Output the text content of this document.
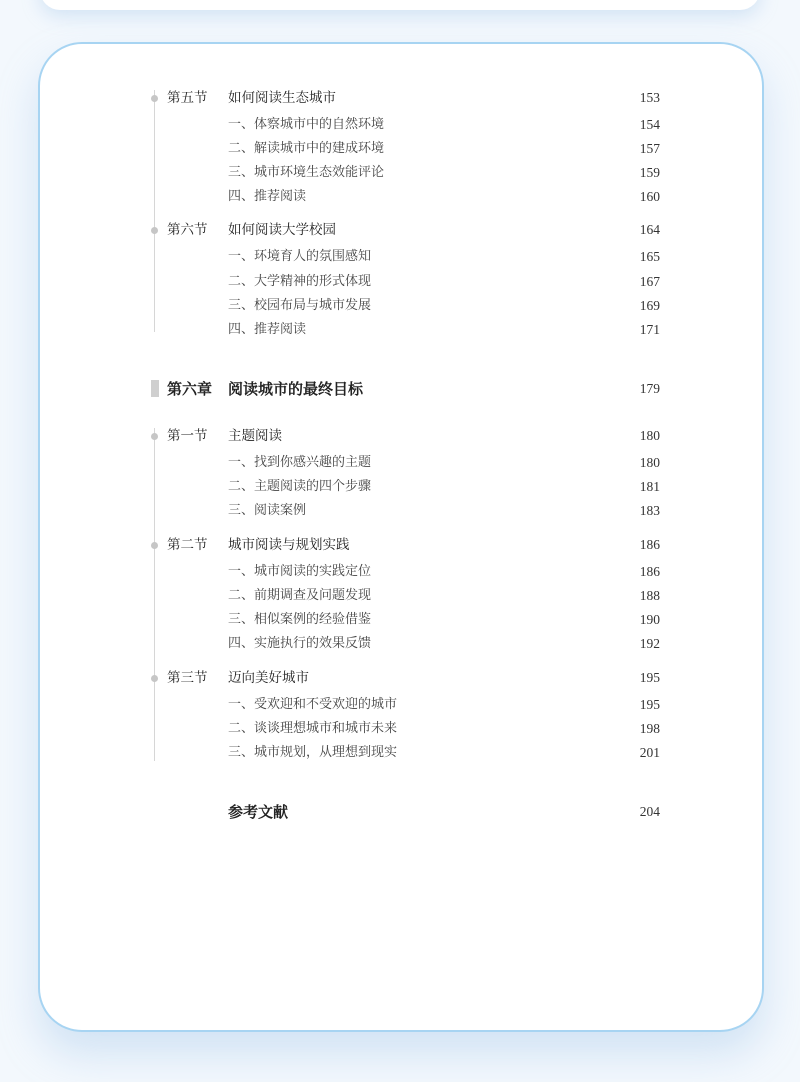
第五节 如何阅读生态城市	153
一、体察城市中的自然环境	154
二、解读城市中的建成环境	157
三、城市环境生态效能评论	159
四、推荐阅读	160
第六节 如何阅读大学校园	164
一、环境育人的氛围感知	165
二、大学精神的形式体现	167
三、校园布局与城市发展	169
四、推荐阅读	171
第六章 阅读城市的最终目标	179
第一节 主题阅读	180
一、找到你感兴趣的主题	180
二、主题阅读的四个步骤	181
三、阅读案例	183
第二节 城市阅读与规划实践	186
一、城市阅读的实践定位	186
二、前期调查及问题发现	188
三、相似案例的经验借鉴	190
四、实施执行的效果反馈	192
第三节 迈向美好城市	195
一、受欢迎和不受欢迎的城市	195
二、谈谈理想城市和城市未来	198
三、城市规划，从理想到现实	201
参考文献	204
